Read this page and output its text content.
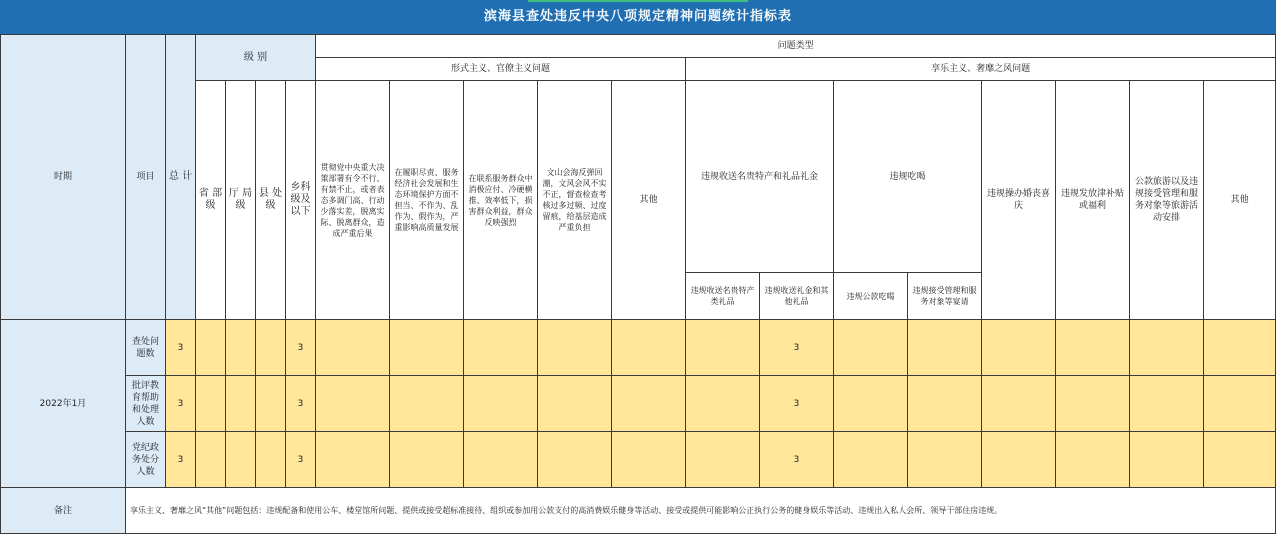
滨海县查处违反中央八项规定精神问题统计指标表
时期	项目	总 计	级 别				问题类型												
							形式主义、官僚主义问题					享乐主义、奢靡之风问题							
			省 部级	厅 局级	县 处级	乡科级及以下	贯彻党中央重大决策部署有令不行、有禁不止，或者表态多调门高、行动少落实差，脱离实际、脱离群众，造成严重后果	在履职尽责、服务经济社会发展和生态环境保护方面不担当、不作为、乱作为、假作为，严重影响高质量发展	在联系服务群众中消极应付、冷硬横推、效率低下，损害群众利益，群众反映强烈	文山会海反弹回潮，文风会风不实不正，督查检查考核过多过频、过度留痕，给基层造成严重负担	其他	违规收送名贵特产和礼品礼金		违规吃喝		违规操办婚丧喜庆	违规发放津补贴或福利	公款旅游以及违规接受管理和服务对象等旅游活动安排	其他
												违规收送名贵特产类礼品	违规收送礼金和其他礼品	违规公款吃喝	违规接受管理和服务对象等宴请				

2022年1月	查处问题数	3				3							3						
	批评教育帮助和处理人数	3				3							3						
	党纪政务处分人数	3				3							3						
备注	享乐主义、奢靡之风“其他”问题包括：违规配备和使用公车、楼堂馆所问题、提供或接受超标准接待、组织或参加用公款支付的高消费娱乐健身等活动、接受或提供可能影响公正执行公务的健身娱乐等活动、违规出入私人会所、领导干部住房违规。																		
